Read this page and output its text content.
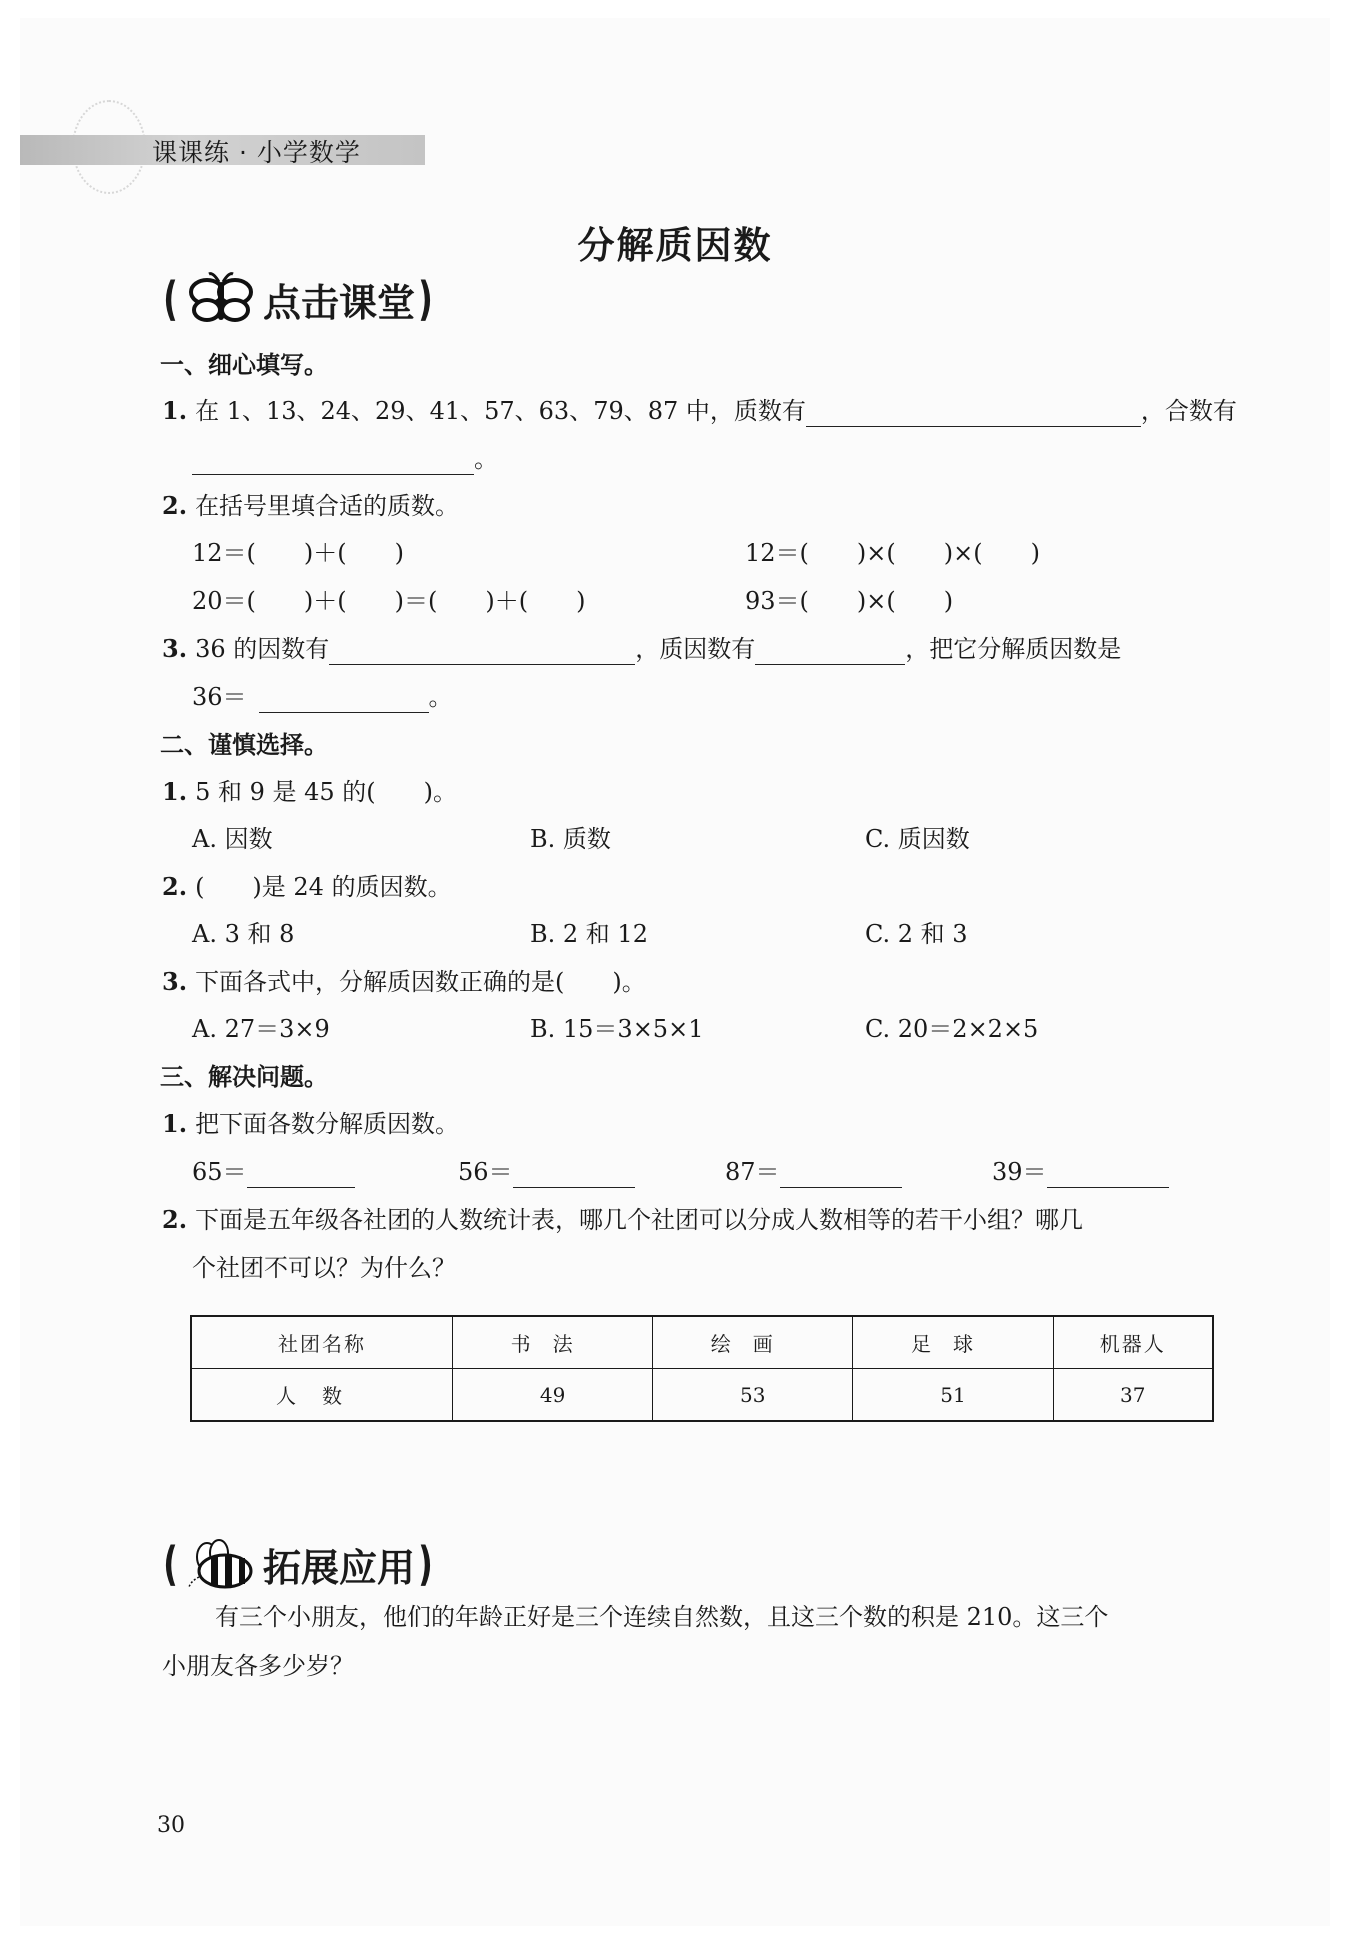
课课练 · 小学数学
分解质因数
( 点击课堂 )
一、细心填写。
1. 在 1、13、24、29、41、57、63、79、87 中，质数有	，合数有
。
2. 在括号里填合适的质数。
12＝(　　)＋(　　)	12＝(　　)×(　　)×(　　)
20＝(　　)＋(　　)＝(　　)＋(　　)	93＝(　　)×(　　)
3. 36 的因数有	，质因数有	，把它分解质因数是
36＝	。
二、谨慎选择。
1. 5 和 9 是 45 的(　　)。
A. 因数	B. 质数	C. 质因数
2. (　　)是 24 的质因数。
A. 3 和 8	B. 2 和 12	C. 2 和 3
3. 下面各式中，分解质因数正确的是(　　)。
A. 27＝3×9	B. 15＝3×5×1	C. 20＝2×2×5
三、解决问题。
1. 把下面各数分解质因数。
65＝	56＝	87＝	39＝
2. 下面是五年级各社团的人数统计表，哪几个社团可以分成人数相等的若干小组？哪几
个社团不可以？为什么？
社团名称	书法	绘画	足球	机器人
人数	49	53	51	37
( 拓展应用 )
有三个小朋友，他们的年龄正好是三个连续自然数，且这三个数的积是 210。这三个
小朋友各多少岁？
30
